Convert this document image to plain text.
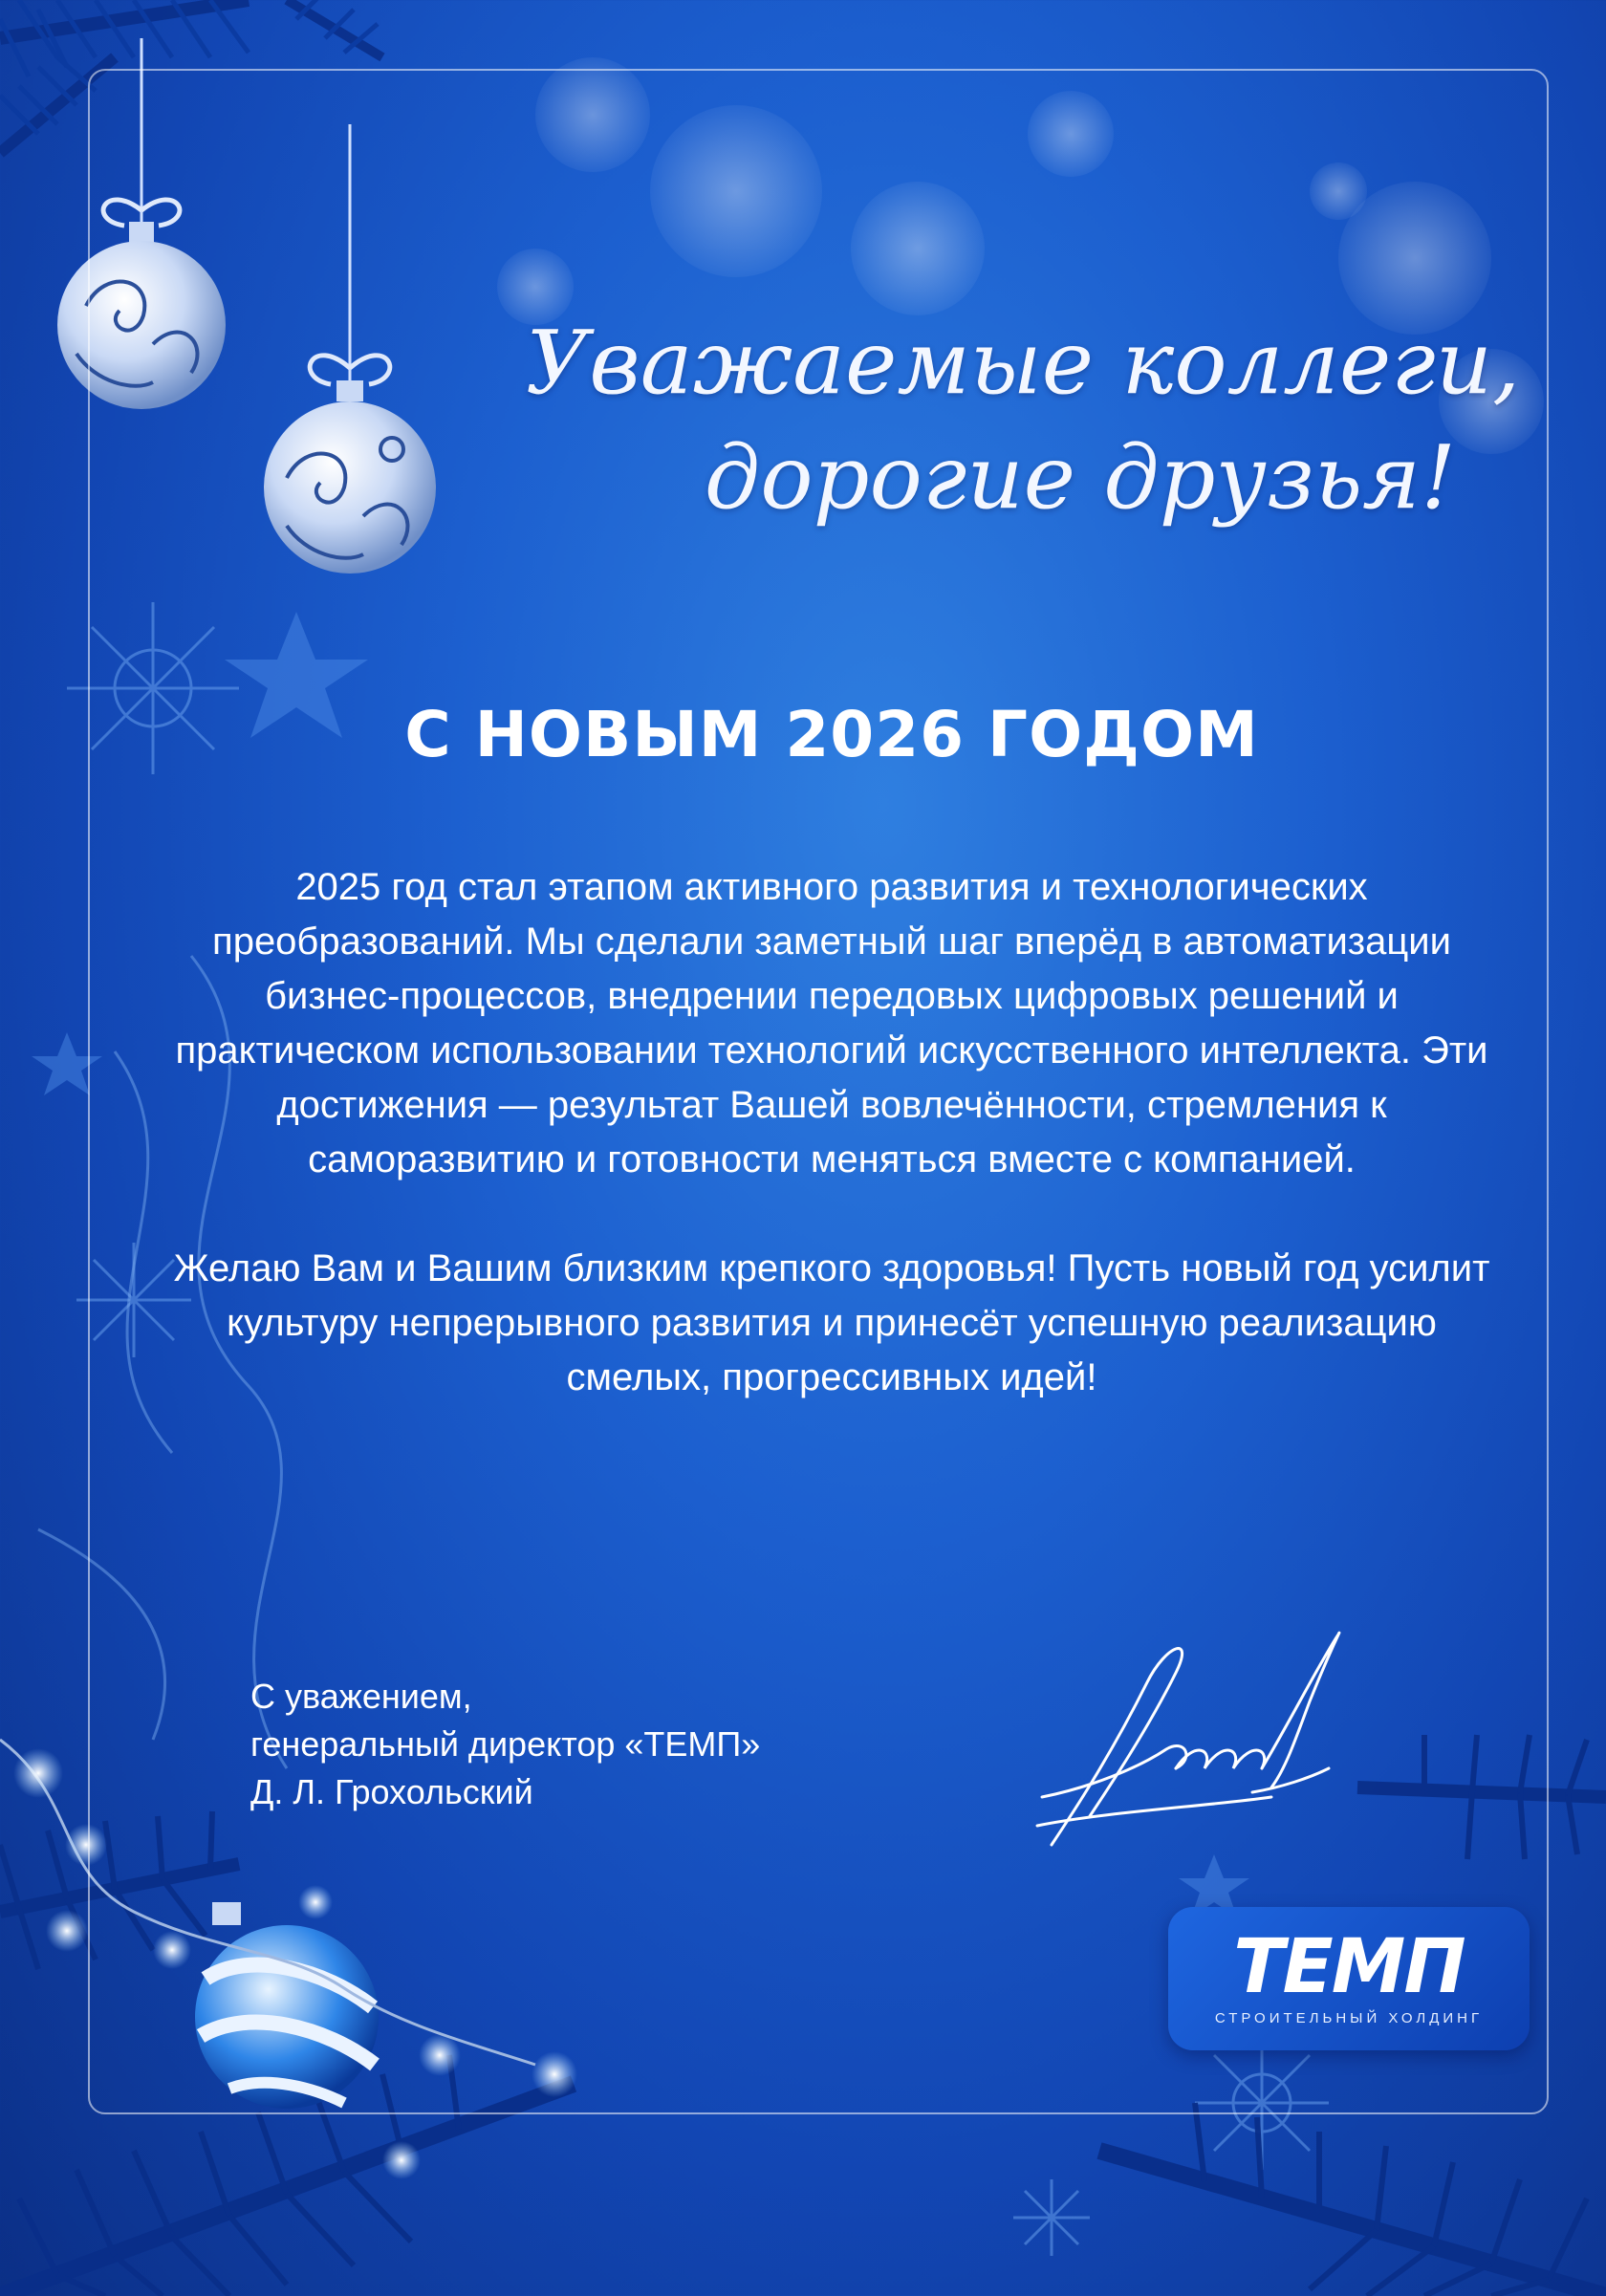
Уважаемые коллеги,

дорогие друзья!
С НОВЫМ 2026 ГОДОМ

2025 год стал этапом активного развития и технологических преобразований. Мы сделали заметный шаг вперёд в автоматизации бизнес-процессов, внедрении передовых цифровых решений и практическом использовании технологий искусственного интеллекта. Эти достижения — результат Вашей вовлечённости, стремления к саморазвитию и готовности меняться вместе с компанией.

Желаю Вам и Вашим близким крепкого здоровья! Пусть новый год усилит культуру непрерывного развития и принесёт успешную реализацию смелых, прогрессивных идей!

С уважением,
генеральный директор «ТЕМП»
Д. Л. Грохольский
ТЕМП
СТРОИТЕЛЬНЫЙ ХОЛДИНГ
